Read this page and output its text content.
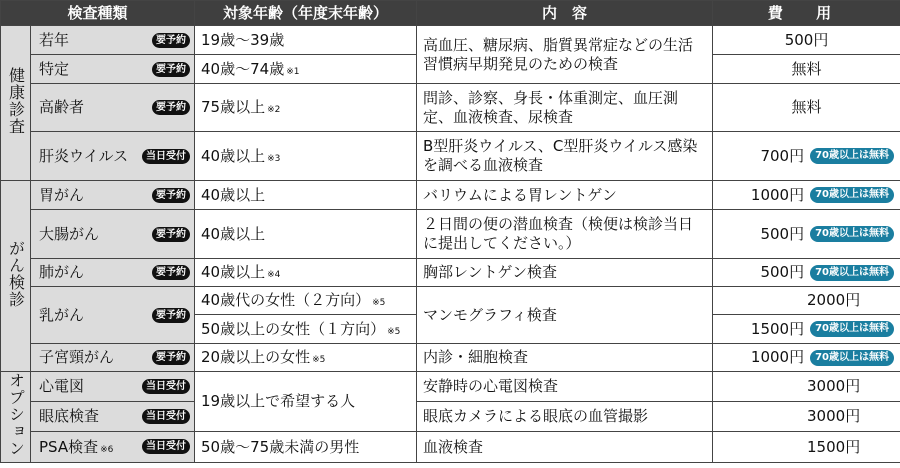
検査種類		対象年齢（年度末年齢）	内　容	費 用
健康診査	若年 要予約	19歳～39歳	高血圧、糖尿病、脂質異常症などの生活習慣病早期発見のための検査	500円

	特定 要予約	40歳～74歳 ※1		無料

	高齢者 要予約	75歳以上 ※2	問診、診察、身長・体重測定、血圧測定、血液検査、尿検査	無料

	肝炎ウイルス 当日受付	40歳以上 ※3	B型肝炎ウイルス、C型肝炎ウイルス感染を調べる血液検査	700円 70歳以上は無料

がん検診	胃がん 要予約	40歳以上	バリウムによる胃レントゲン	1000円 70歳以上は無料

	大腸がん 要予約	40歳以上	２日間の便の潜血検査（検便は検診当日に提出してください。）	500円 70歳以上は無料

	肺がん 要予約	40歳以上 ※4	胸部レントゲン検査	500円 70歳以上は無料

	乳がん 要予約	40歳代の女性（２方向） ※5	マンモグラフィ検査	2000円

		50歳以上の女性（１方向） ※5		1500円 70歳以上は無料

	子宮頸がん 要予約	20歳以上の女性 ※5	内診・細胞検査	1000円 70歳以上は無料

オプション	心電図 当日受付	19歳以上で希望する人	安静時の心電図検査	3000円

	眼底検査 当日受付		眼底カメラによる眼底の血管撮影	3000円

	PSA検査 ※6 当日受付	50歳～75歳未満の男性	血液検査	1500円
